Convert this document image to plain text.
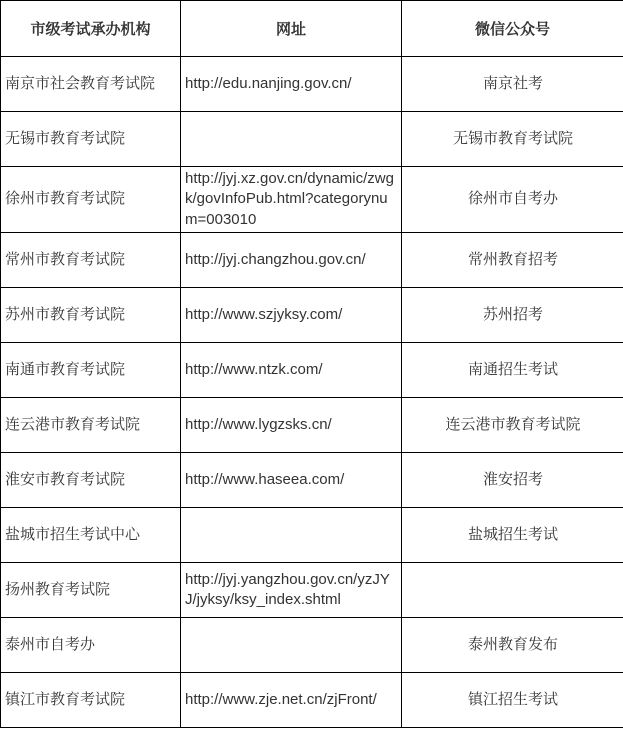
市级考试承办机构	网址	微信公众号
南京市社会教育考试院	http://edu.nanjing.gov.cn/	南京社考
无锡市教育考试院		无锡市教育考试院
徐州市教育考试院	http://jyj.xz.gov.cn/dynamic/zwgk/govInfoPub.html?categorynum=003010	徐州市自考办
常州市教育考试院	http://jyj.changzhou.gov.cn/	常州教育招考
苏州市教育考试院	http://www.szjyksy.com/	苏州招考
南通市教育考试院	http://www.ntzk.com/	南通招生考试
连云港市教育考试院	http://www.lygzsks.cn/	连云港市教育考试院
淮安市教育考试院	http://www.haseea.com/	淮安招考
盐城市招生考试中心		盐城招生考试
扬州教育考试院	http://jyj.yangzhou.gov.cn/yzJYJ/jyksy/ksy_index.shtml	
泰州市自考办		泰州教育发布
镇江市教育考试院	http://www.zje.net.cn/zjFront/	镇江招生考试
